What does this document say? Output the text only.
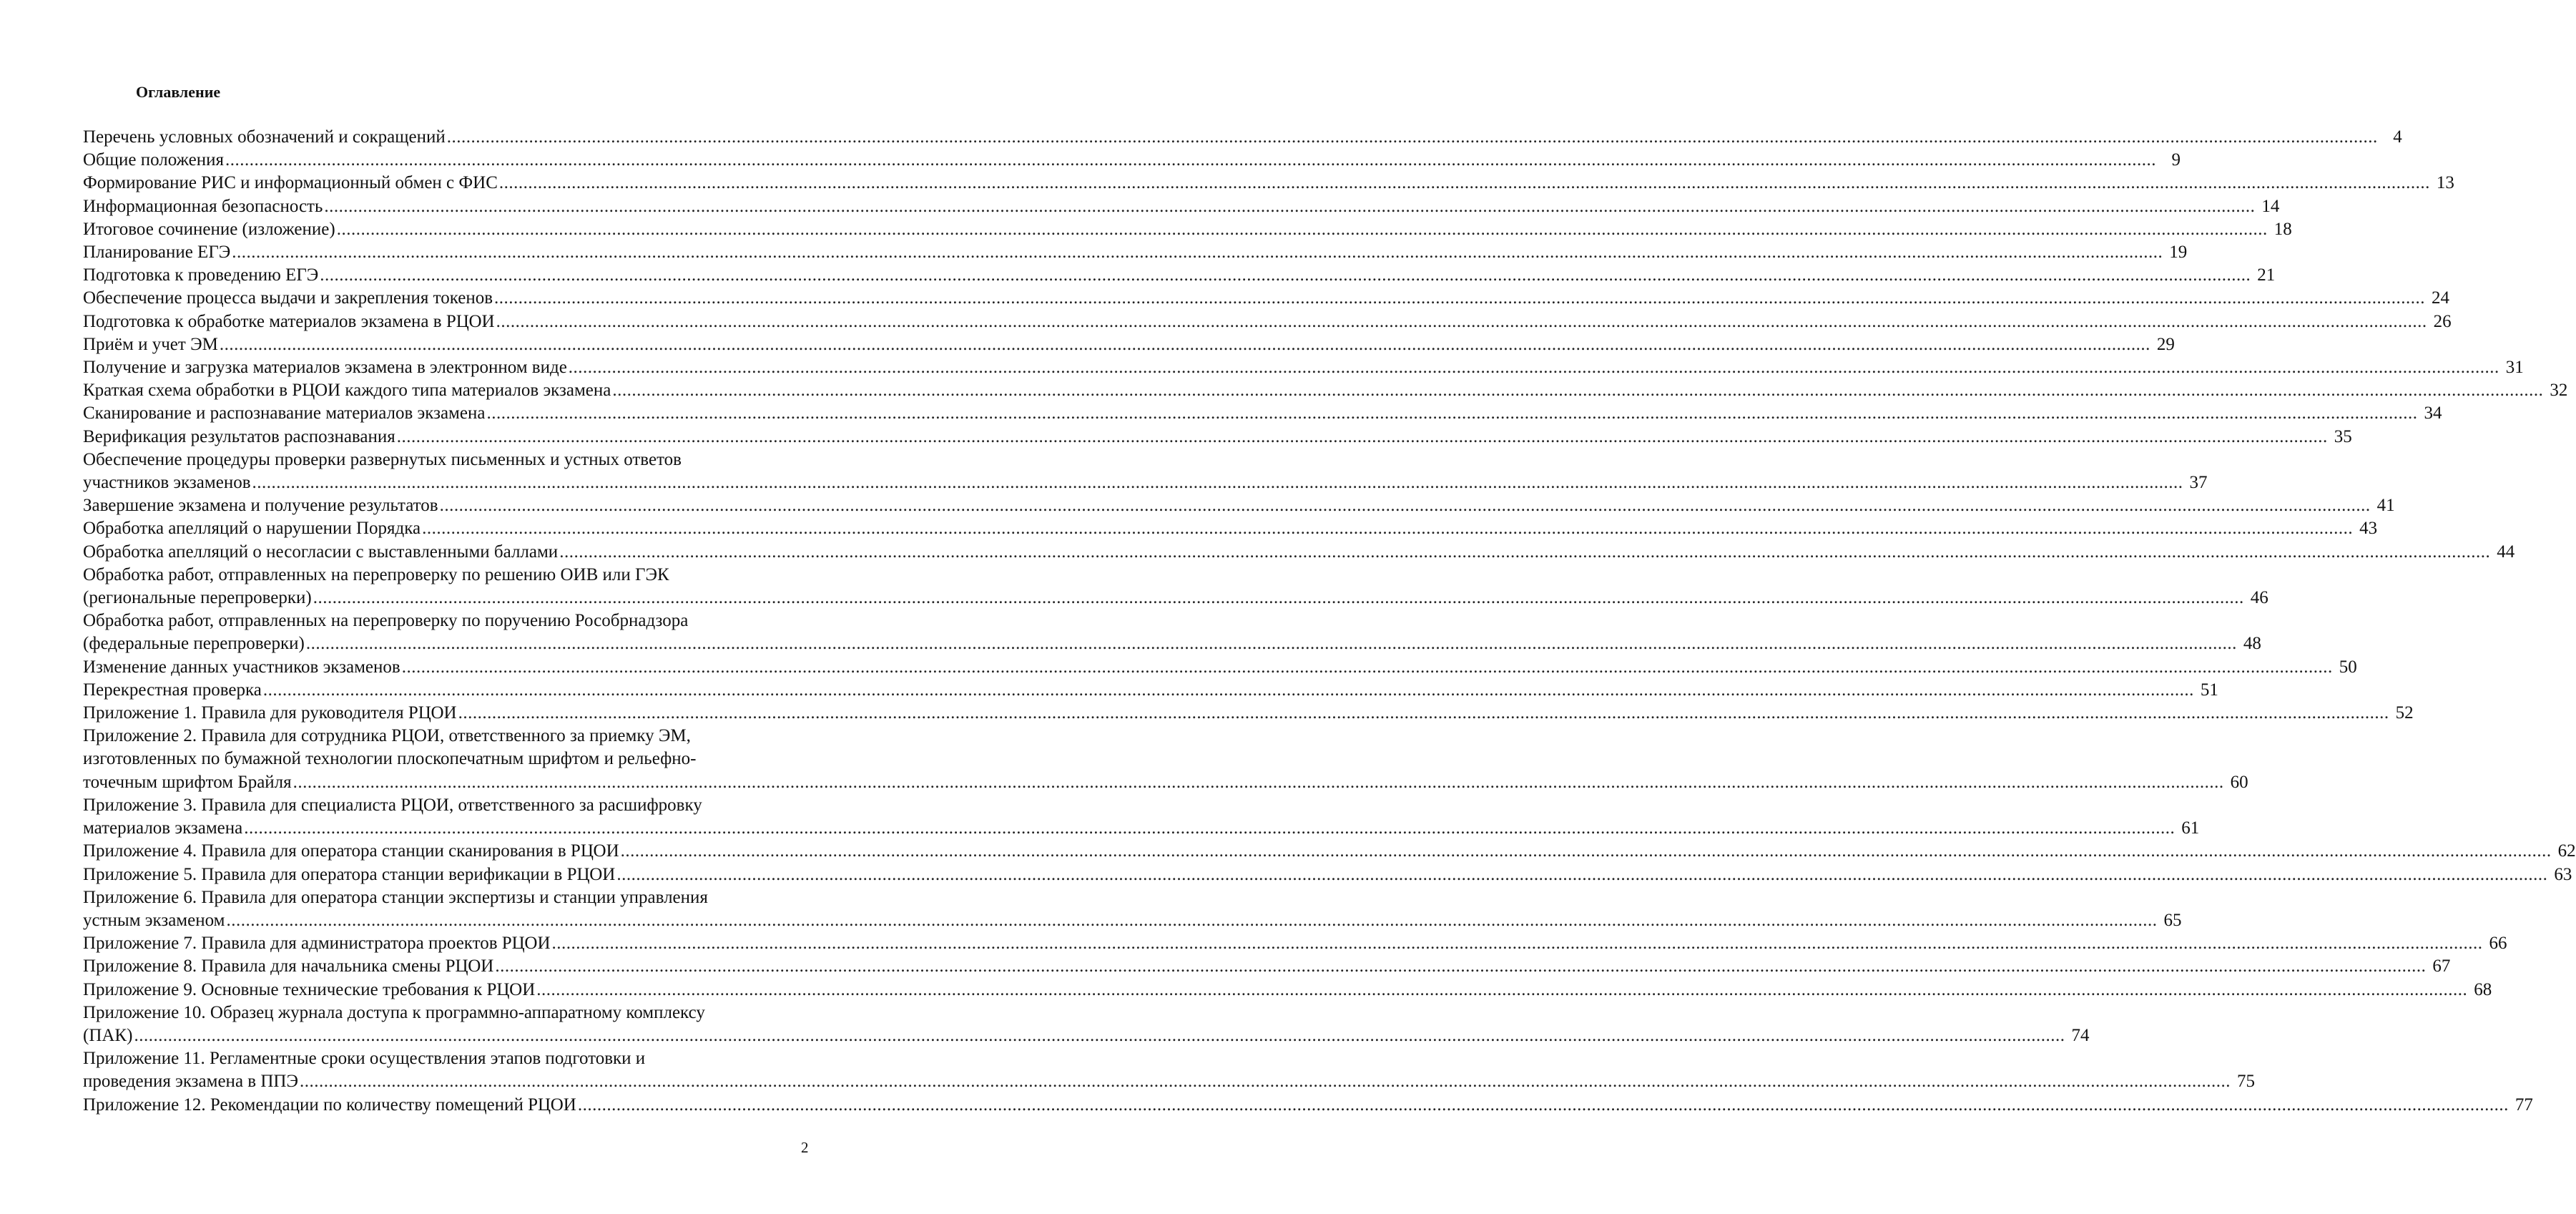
Оглавление
Перечень условных обозначений и сокращений ................................................................................................................................................................................................................................................................................................................................................................................................................ 4
Общие положения ................................................................................................................................................................................................................................................................................................................................................................................................................ 9
Формирование РИС и информационный обмен с ФИС ................................................................................................................................................................................................................................................................................................................................................................................................................ 13
Информационная безопасность ................................................................................................................................................................................................................................................................................................................................................................................................................ 14
Итоговое сочинение (изложение) ................................................................................................................................................................................................................................................................................................................................................................................................................ 18
Планирование ЕГЭ ................................................................................................................................................................................................................................................................................................................................................................................................................ 19
Подготовка к проведению ЕГЭ ................................................................................................................................................................................................................................................................................................................................................................................................................ 21
Обеспечение процесса выдачи и закрепления токенов ................................................................................................................................................................................................................................................................................................................................................................................................................ 24
Подготовка к обработке материалов экзамена в РЦОИ ................................................................................................................................................................................................................................................................................................................................................................................................................ 26
Приём и учет ЭМ ................................................................................................................................................................................................................................................................................................................................................................................................................ 29
Получение и загрузка материалов экзамена в электронном виде ................................................................................................................................................................................................................................................................................................................................................................................................................ 31
Краткая схема обработки в РЦОИ каждого типа материалов экзамена ................................................................................................................................................................................................................................................................................................................................................................................................................ 32
Сканирование и распознавание материалов экзамена ................................................................................................................................................................................................................................................................................................................................................................................................................ 34
Верификация результатов распознавания ................................................................................................................................................................................................................................................................................................................................................................................................................ 35
Обеспечение процедуры проверки развернутых письменных и устных ответов
участников экзаменов ................................................................................................................................................................................................................................................................................................................................................................................................................ 37
Завершение экзамена и получение результатов ................................................................................................................................................................................................................................................................................................................................................................................................................ 41
Обработка апелляций о нарушении Порядка ................................................................................................................................................................................................................................................................................................................................................................................................................ 43
Обработка апелляций о несогласии с выставленными баллами ................................................................................................................................................................................................................................................................................................................................................................................................................ 44
Обработка работ, отправленных на перепроверку по решению ОИВ или ГЭК
(региональные перепроверки) ................................................................................................................................................................................................................................................................................................................................................................................................................ 46
Обработка работ, отправленных на перепроверку по поручению Рособрнадзора
(федеральные перепроверки) ................................................................................................................................................................................................................................................................................................................................................................................................................ 48
Изменение данных участников экзаменов ................................................................................................................................................................................................................................................................................................................................................................................................................ 50
Перекрестная проверка ................................................................................................................................................................................................................................................................................................................................................................................................................ 51
Приложение 1. Правила для руководителя РЦОИ ................................................................................................................................................................................................................................................................................................................................................................................................................ 52
Приложение 2. Правила для сотрудника РЦОИ, ответственного за приемку ЭМ,
изготовленных по бумажной технологии плоскопечатным шрифтом и рельефно-
точечным шрифтом Брайля ................................................................................................................................................................................................................................................................................................................................................................................................................ 60
Приложение 3. Правила для специалиста РЦОИ, ответственного за расшифровку
материалов экзамена ................................................................................................................................................................................................................................................................................................................................................................................................................ 61
Приложение 4. Правила для оператора станции сканирования в РЦОИ ................................................................................................................................................................................................................................................................................................................................................................................................................ 62
Приложение 5. Правила для оператора станции верификации в РЦОИ ................................................................................................................................................................................................................................................................................................................................................................................................................ 63
Приложение 6. Правила для оператора станции экспертизы и станции управления
устным экзаменом ................................................................................................................................................................................................................................................................................................................................................................................................................ 65
Приложение 7. Правила для администратора проектов РЦОИ ................................................................................................................................................................................................................................................................................................................................................................................................................ 66
Приложение 8. Правила для начальника смены РЦОИ ................................................................................................................................................................................................................................................................................................................................................................................................................ 67
Приложение 9. Основные технические требования к РЦОИ ................................................................................................................................................................................................................................................................................................................................................................................................................ 68
Приложение 10. Образец журнала доступа к программно-аппаратному комплексу
(ПАК) ................................................................................................................................................................................................................................................................................................................................................................................................................ 74
Приложение 11. Регламентные сроки осуществления этапов подготовки и
проведения экзамена в ППЭ ................................................................................................................................................................................................................................................................................................................................................................................................................ 75
Приложение 12. Рекомендации по количеству помещений РЦОИ ................................................................................................................................................................................................................................................................................................................................................................................................................ 77
2
